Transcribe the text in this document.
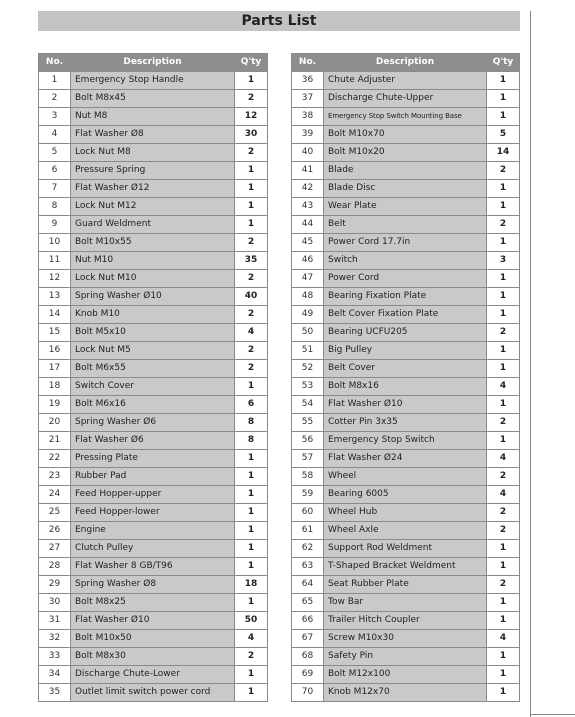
Parts List
No.	Description	Q'ty
1	Emergency Stop Handle	1
2	Bolt M8x45	2
3	Nut M8	12
4	Flat Washer Ø8	30
5	Lock Nut M8	2
6	Pressure Spring	1
7	Flat Washer Ø12	1
8	Lock Nut M12	1
9	Guard Weldment	1
10	Bolt M10x55	2
11	Nut M10	35
12	Lock Nut M10	2
13	Spring Washer Ø10	40
14	Knob M10	2
15	Bolt M5x10	4
16	Lock Nut M5	2
17	Bolt M6x55	2
18	Switch Cover	1
19	Bolt M6x16	6
20	Spring Washer Ø6	8
21	Flat Washer Ø6	8
22	Pressing Plate	1
23	Rubber Pad	1
24	Feed Hopper-upper	1
25	Feed Hopper-lower	1
26	Engine	1
27	Clutch Pulley	1
28	Flat Washer 8 GB/T96	1
29	Spring Washer Ø8	18
30	Bolt M8x25	1
31	Flat Washer Ø10	50
32	Bolt M10x50	4
33	Bolt M8x30	2
34	Discharge Chute-Lower	1
35	Outlet limit switch power cord	1
No.	Description	Q'ty
36	Chute Adjuster	1
37	Discharge Chute-Upper	1
38	Emergency Stop Switch Mounting Base	1
39	Bolt M10x70	5
40	Bolt M10x20	14
41	Blade	2
42	Blade Disc	1
43	Wear Plate	1
44	Belt	2
45	Power Cord 17.7in	1
46	Switch	3
47	Power Cord	1
48	Bearing Fixation Plate	1
49	Belt Cover Fixation Plate	1
50	Bearing UCFU205	2
51	Big Pulley	1
52	Belt Cover	1
53	Bolt M8x16	4
54	Flat Washer Ø10	1
55	Cotter Pin 3x35	2
56	Emergency Stop Switch	1
57	Flat Washer Ø24	4
58	Wheel	2
59	Bearing 6005	4
60	Wheel Hub	2
61	Wheel Axle	2
62	Support Rod Weldment	1
63	T-Shaped Bracket Weldment	1
64	Seat Rubber Plate	2
65	Tow Bar	1
66	Trailer Hitch Coupler	1
67	Screw M10x30	4
68	Safety Pin	1
69	Bolt M12x100	1
70	Knob M12x70	1
